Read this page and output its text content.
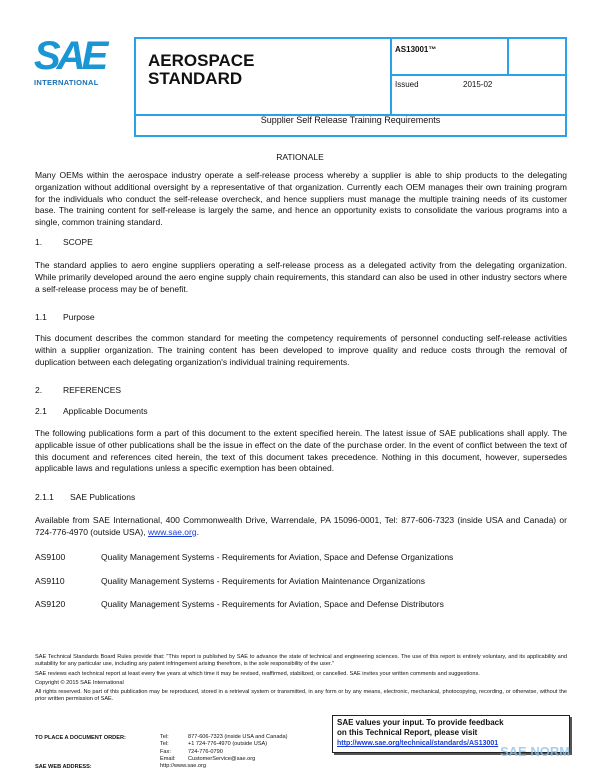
SAE
INTERNATIONAL
AEROSPACE
STANDARD
AS13001™
Issued	2015-02
Supplier Self Release Training Requirements
RATIONALE
Many OEMs within the aerospace industry operate a self-release process whereby a supplier is able to ship products to the delegating organization without additional oversight by a representative of that organization. Currently each OEM manages their own training program for the individuals who conduct the self-release overcheck, and hence suppliers must manage the multiple training needs of its customer base. The training content for self-release is largely the same, and hence an opportunity exists to consolidate the various programs into a single, common training standard.
1. SCOPE
The standard applies to aero engine suppliers operating a self-release process as a delegated activity from the delegating organization. While primarily developed around the aero engine supply chain requirements, this standard can also be used in other industry sectors where a self-release process may be of benefit.
1.1 Purpose
This document describes the common standard for meeting the competency requirements of personnel conducting self-release activities within a supplier organization. The training content has been developed to improve quality and reduce costs through the removal of duplication between each delegating organization's individual training requirements.
2. REFERENCES
2.1 Applicable Documents
The following publications form a part of this document to the extent specified herein. The latest issue of SAE publications shall apply. The applicable issue of other publications shall be the issue in effect on the date of the purchase order. In the event of conflict between the text of this document and references cited herein, the text of this document takes precedence. Nothing in this document, however, supersedes applicable laws and regulations unless a specific exemption has been obtained.
2.1.1 SAE Publications
Available from SAE International, 400 Commonwealth Drive, Warrendale, PA 15096-0001, Tel: 877-606-7323 (inside USA and Canada) or 724-776-4970 (outside USA), www.sae.org.
AS9100	Quality Management Systems - Requirements for Aviation, Space and Defense Organizations
AS9110	Quality Management Systems - Requirements for Aviation Maintenance Organizations
AS9120	Quality Management Systems - Requirements for Aviation, Space and Defense Distributors
SAE Technical Standards Board Rules provide that: "This report is published by SAE to advance the state of technical and engineering sciences. The use of this report is entirely voluntary, and its applicability and suitability for any particular use, including any patent infringement arising therefrom, is the sole responsibility of the user."
SAE reviews each technical report at least every five years at which time it may be revised, reaffirmed, stabilized, or cancelled. SAE invites your written comments and suggestions.
Copyright © 2015 SAE International
All rights reserved. No part of this publication may be reproduced, stored in a retrieval system or transmitted, in any form or by any means, electronic, mechanical, photocopying, recording, or otherwise, without the prior written permission of SAE.
TO PLACE A DOCUMENT ORDER:	Tel:	877-606-7323 (inside USA and Canada)
Tel:	+1 724-776-4970 (outside USA)
Fax:	724-776-0790
Email: CustomerService@sae.org
http://www.sae.org
SAE WEB ADDRESS:
SAE values your input. To provide feedback
on this Technical Report, please visit
http://www.sae.org/technical/standards/AS13001
SAE NORM
